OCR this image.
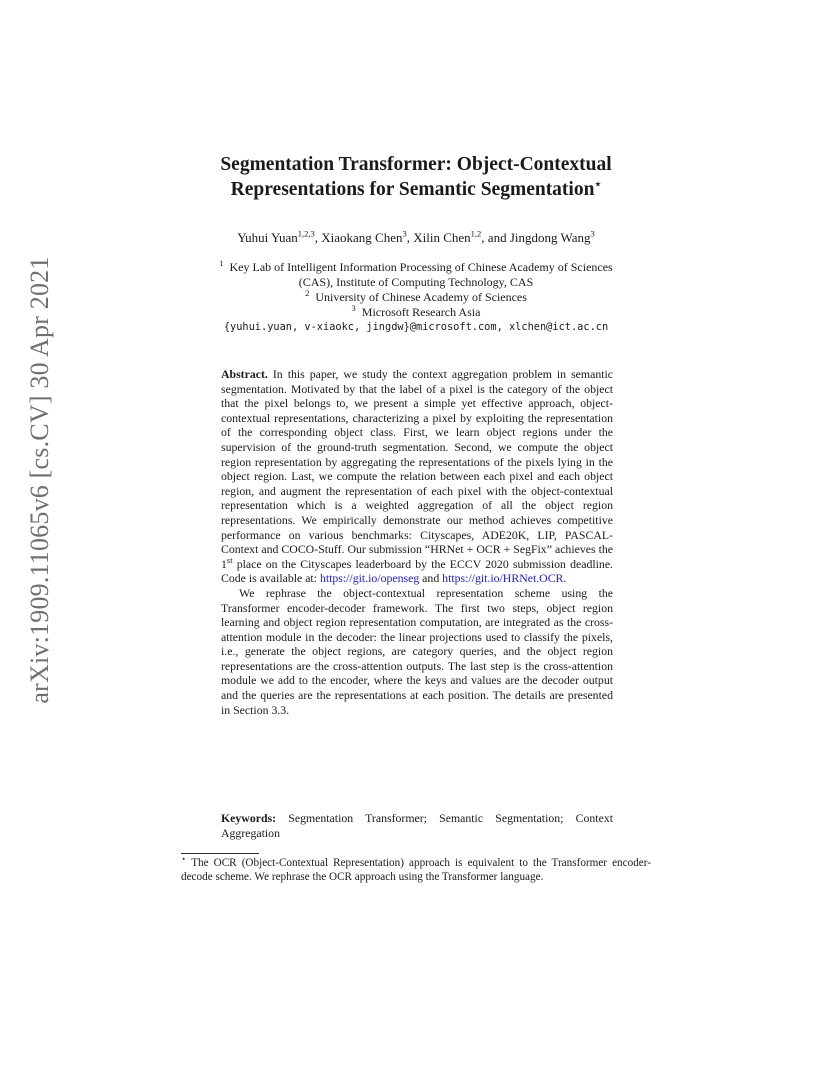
arXiv:1909.11065v6 [cs.CV] 30 Apr 2021
Segmentation Transformer: Object-Contextual
Representations for Semantic Segmentation⋆
Yuhui Yuan$^{1,2,3}$, Xiaokang Chen$^3$, Xilin Chen$^{1,2}$, and Jingdong Wang$^3$
$^1$ Key Lab of Intelligent Information Processing of Chinese Academy of Sciences
(CAS), Institute of Computing Technology, CAS
$^2$ University of Chinese Academy of Sciences
$^3$ Microsoft Research Asia
{yuhui.yuan, v-xiaokc, jingdw}@microsoft.com, xlchen@ict.ac.cn

Abstract. In this paper, we study the context aggregation problem in semantic segmentation. Motivated by that the label of a pixel is the category of the object that the pixel belongs to, we present a simple yet effective approach, object-contextual representations, characterizing a pixel by exploiting the representation of the corresponding object class. First, we learn object regions under the supervision of the ground-truth segmentation. Second, we compute the object region representation by aggregating the representations of the pixels lying in the object region. Last, we compute the relation between each pixel and each object region, and augment the representation of each pixel with the object-contextual representation which is a weighted aggregation of all the object region representations. We empirically demonstrate our method achieves competitive performance on various benchmarks: Cityscapes, ADE20K, LIP, PASCAL-Context and COCO-Stuff. Our submission “HRNet + OCR + SegFix” achieves the 1st place on the Cityscapes leaderboard by the ECCV 2020 submission deadline. Code is available at: https://git.io/openseg and https://git.io/HRNet.OCR.

We rephrase the object-contextual representation scheme using the Transformer encoder-decoder framework. The first two steps, object region learning and object region representation computation, are integrated as the cross-attention module in the decoder: the linear projections used to classify the pixels, i.e., generate the object regions, are category queries, and the object region representations are the cross-attention outputs. The last step is the cross-attention module we add to the encoder, where the keys and values are the decoder output and the queries are the representations at each position. The details are presented in Section 3.3.

Keywords: Segmentation Transformer; Semantic Segmentation; Context Aggregation
⋆ The OCR (Object-Contextual Representation) approach is equivalent to the Transformer encoder-decode scheme. We rephrase the OCR approach using the Transformer language.
